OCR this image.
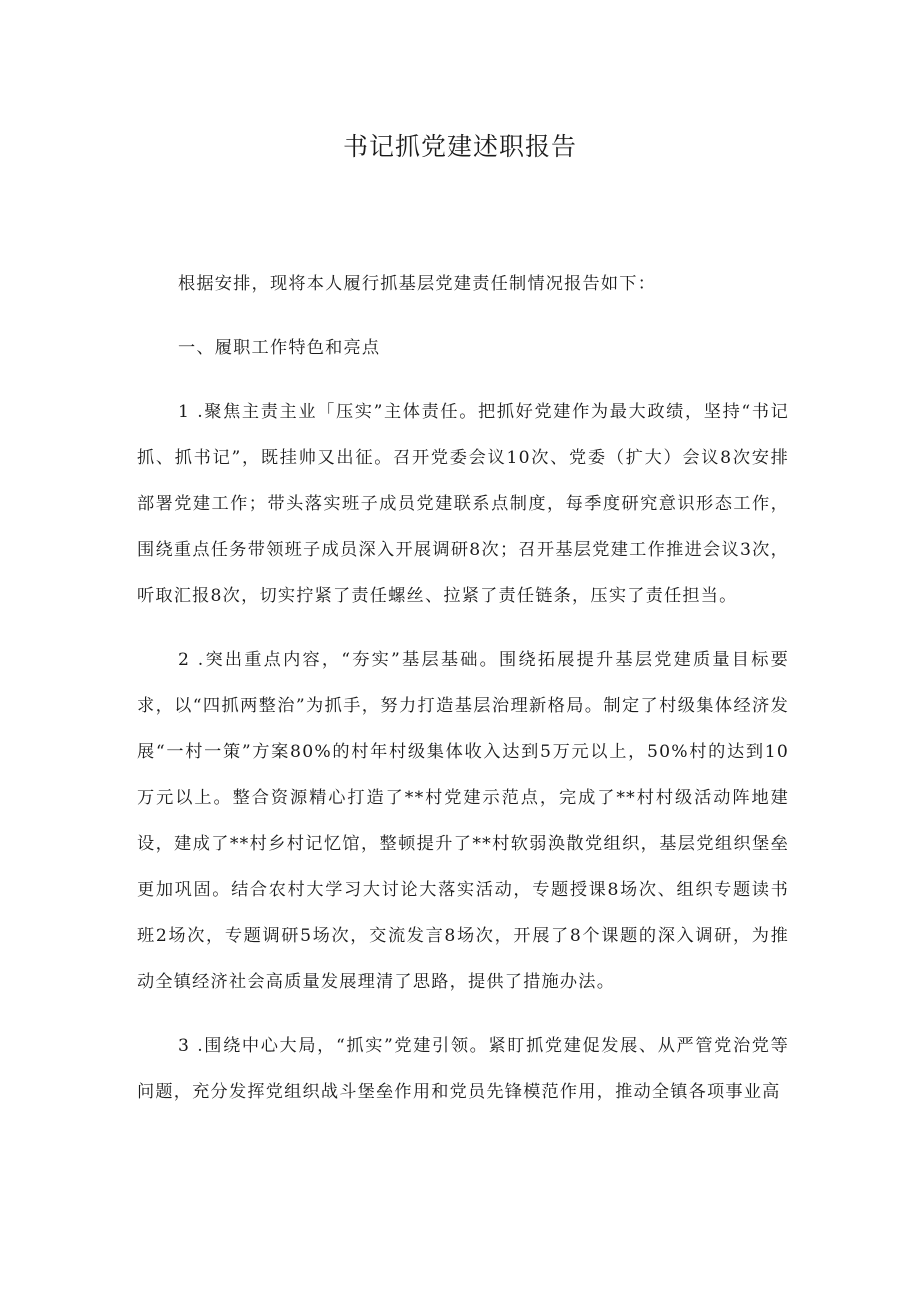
书记抓党建述职报告

根据安排，现将本人履行抓基层党建责任制情况报告如下：

一、履职工作特色和亮点

1 .聚焦主责主业「压实”主体责任。把抓好党建作为最大政绩，坚持“书记抓、抓书记”，既挂帅又出征。召开党委会议10次、党委（扩大）会议8次安排部署党建工作；带头落实班子成员党建联系点制度，每季度研究意识形态工作，围绕重点任务带领班子成员深入开展调研8次；召开基层党建工作推进会议3次，听取汇报8次，切实拧紧了责任螺丝、拉紧了责任链条，压实了责任担当。

2 .突出重点内容，“夯实”基层基础。围绕拓展提升基层党建质量目标要求，以“四抓两整治”为抓手，努力打造基层治理新格局。制定了村级集体经济发展“一村一策”方案80%的村年村级集体收入达到5万元以上，50%村的达到10万元以上。整合资源精心打造了**村党建示范点，完成了**村村级活动阵地建设，建成了**村乡村记忆馆，整顿提升了**村软弱涣散党组织，基层党组织堡垒更加巩固。结合农村大学习大讨论大落实活动，专题授课8场次、组织专题读书班2场次，专题调研5场次，交流发言8场次，开展了8个课题的深入调研，为推动全镇经济社会高质量发展理清了思路，提供了措施办法。

3 .围绕中心大局，“抓实”党建引领。紧盯抓党建促发展、从严管党治党等问题，充分发挥党组织战斗堡垒作用和党员先锋模范作用，推动全镇各项事业高
